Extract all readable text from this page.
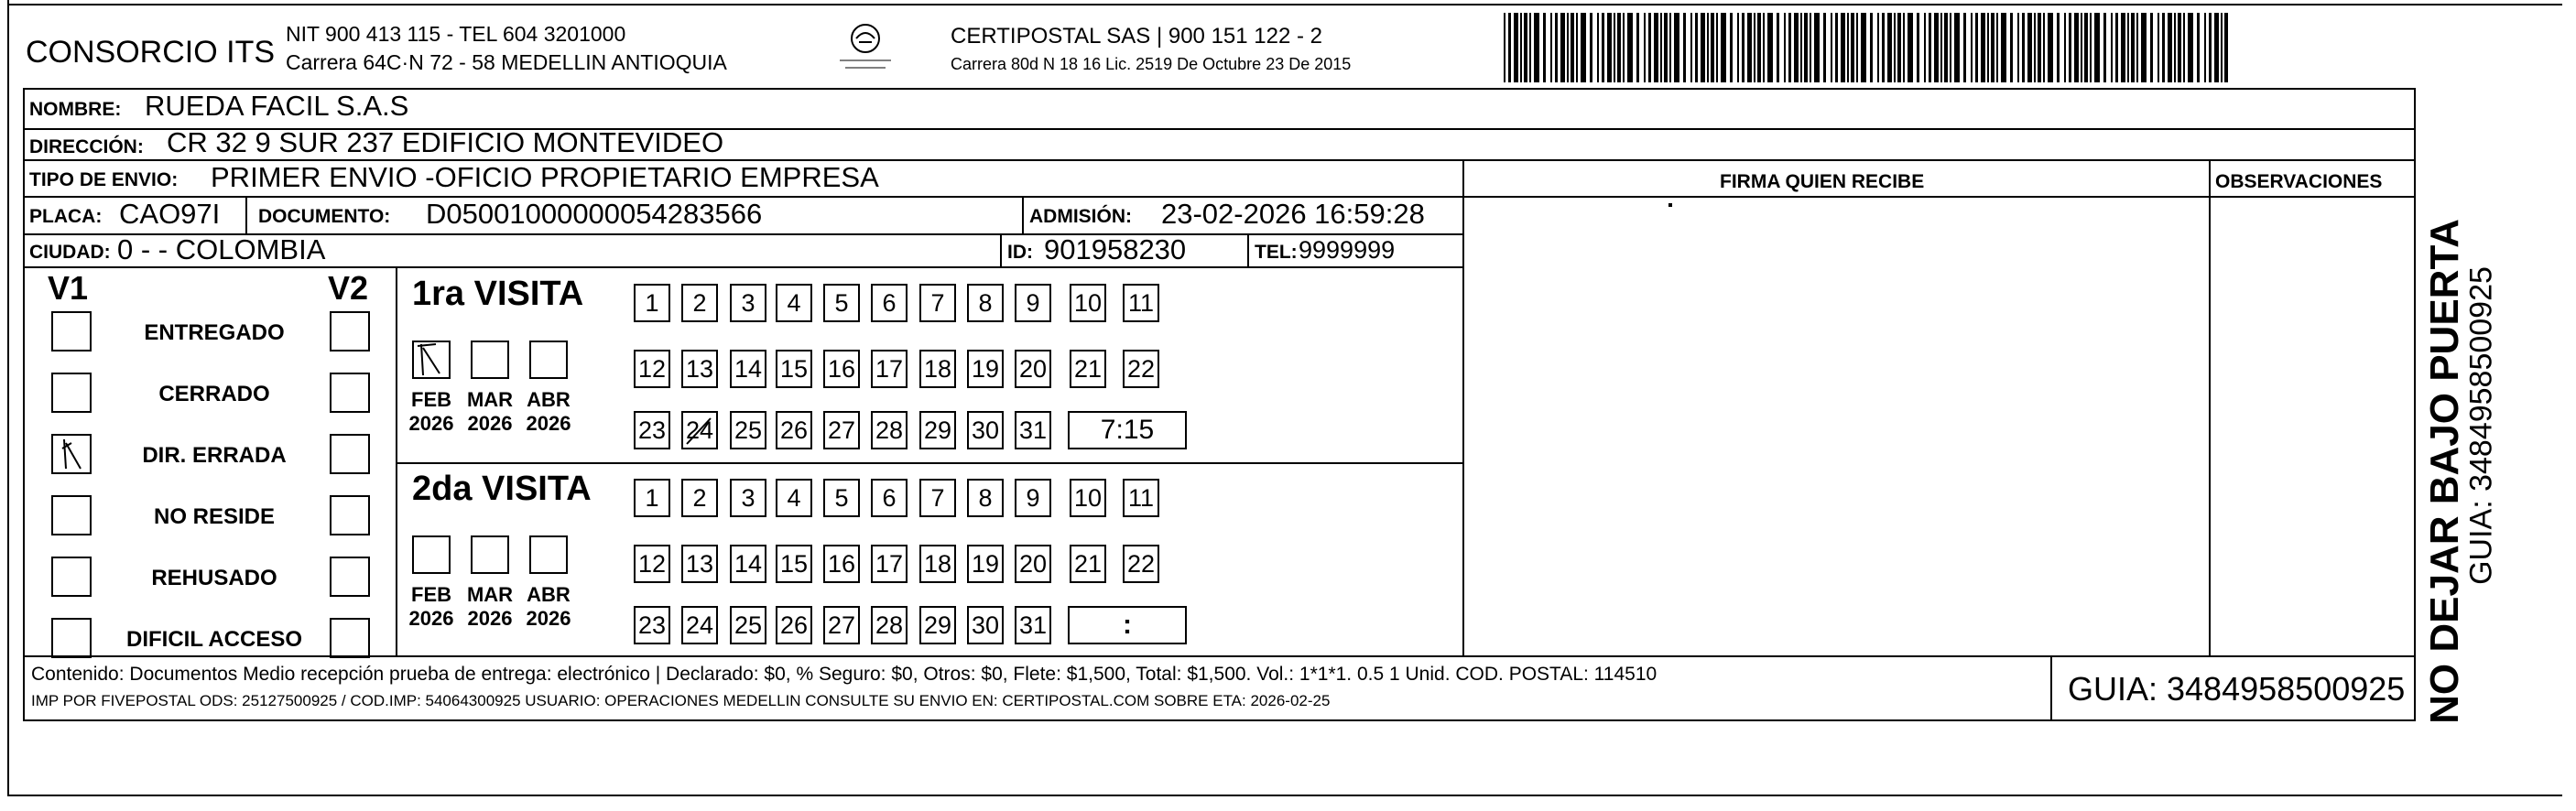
CONSORCIO ITS
NIT 900 413 115 - TEL 604 3201000
Carrera 64C·N 72 - 58 MEDELLIN ANTIOQUIA
CERTIPOSTAL SAS | 900 151 122 - 2
Carrera 80d N 18 16 Lic. 2519 De Octubre 23 De 2015
NOMBRE: RUEDA FACIL S.A.S
DIRECCIÓN: CR 32 9 SUR 237 EDIFICIO MONTEVIDEO
TIPO DE ENVIO: PRIMER ENVIO -OFICIO PROPIETARIO EMPRESA	FIRMA QUIEN RECIBE	OBSERVACIONES
PLACA: CAO97I DOCUMENTO: D05001000000054283566	ADMISIÓN: 23-02-2026 16:59:28
CIUDAD: 0 - - COLOMBIA	ID: 901958230	TEL: 9999999
V1	V2
ENTREGADO
CERRADO
DIR. ERRADA
NO RESIDE
REHUSADO
DIFICIL ACCESO
1ra VISITA
FEB
2026
MAR
2026
ABR
2026
1	2	3	4	5	6	7	8	9	10 11
12 13 14 15 16 17 18 19 20 21 22
23 24 25 26 27 28 29 30 31	7:15
2da VISITA
FEB
2026
MAR
2026
ABR
2026
1	2	3	4	5	6	7	8	9	10 11
12 13 14 15 16 17 18 19 20 21 22
23 24 25 26 27 28 29 30 31	:
Contenido: Documentos Medio recepción prueba de entrega: electrónico | Declarado: $0, % Seguro: $0, Otros: $0, Flete: $1,500, Total: $1,500. Vol.: 1*1*1. 0.5 1 Unid. COD. POSTAL: 114510
IMP POR FIVEPOSTAL ODS: 25127500925 / COD.IMP: 54064300925 USUARIO: OPERACIONES MEDELLIN CONSULTE SU ENVIO EN: CERTIPOSTAL.COM SOBRE ETA: 2026-02-25	GUIA: 3484958500925 NO DEJAR BAJO PUERTA
GUIA: 3484958500925
